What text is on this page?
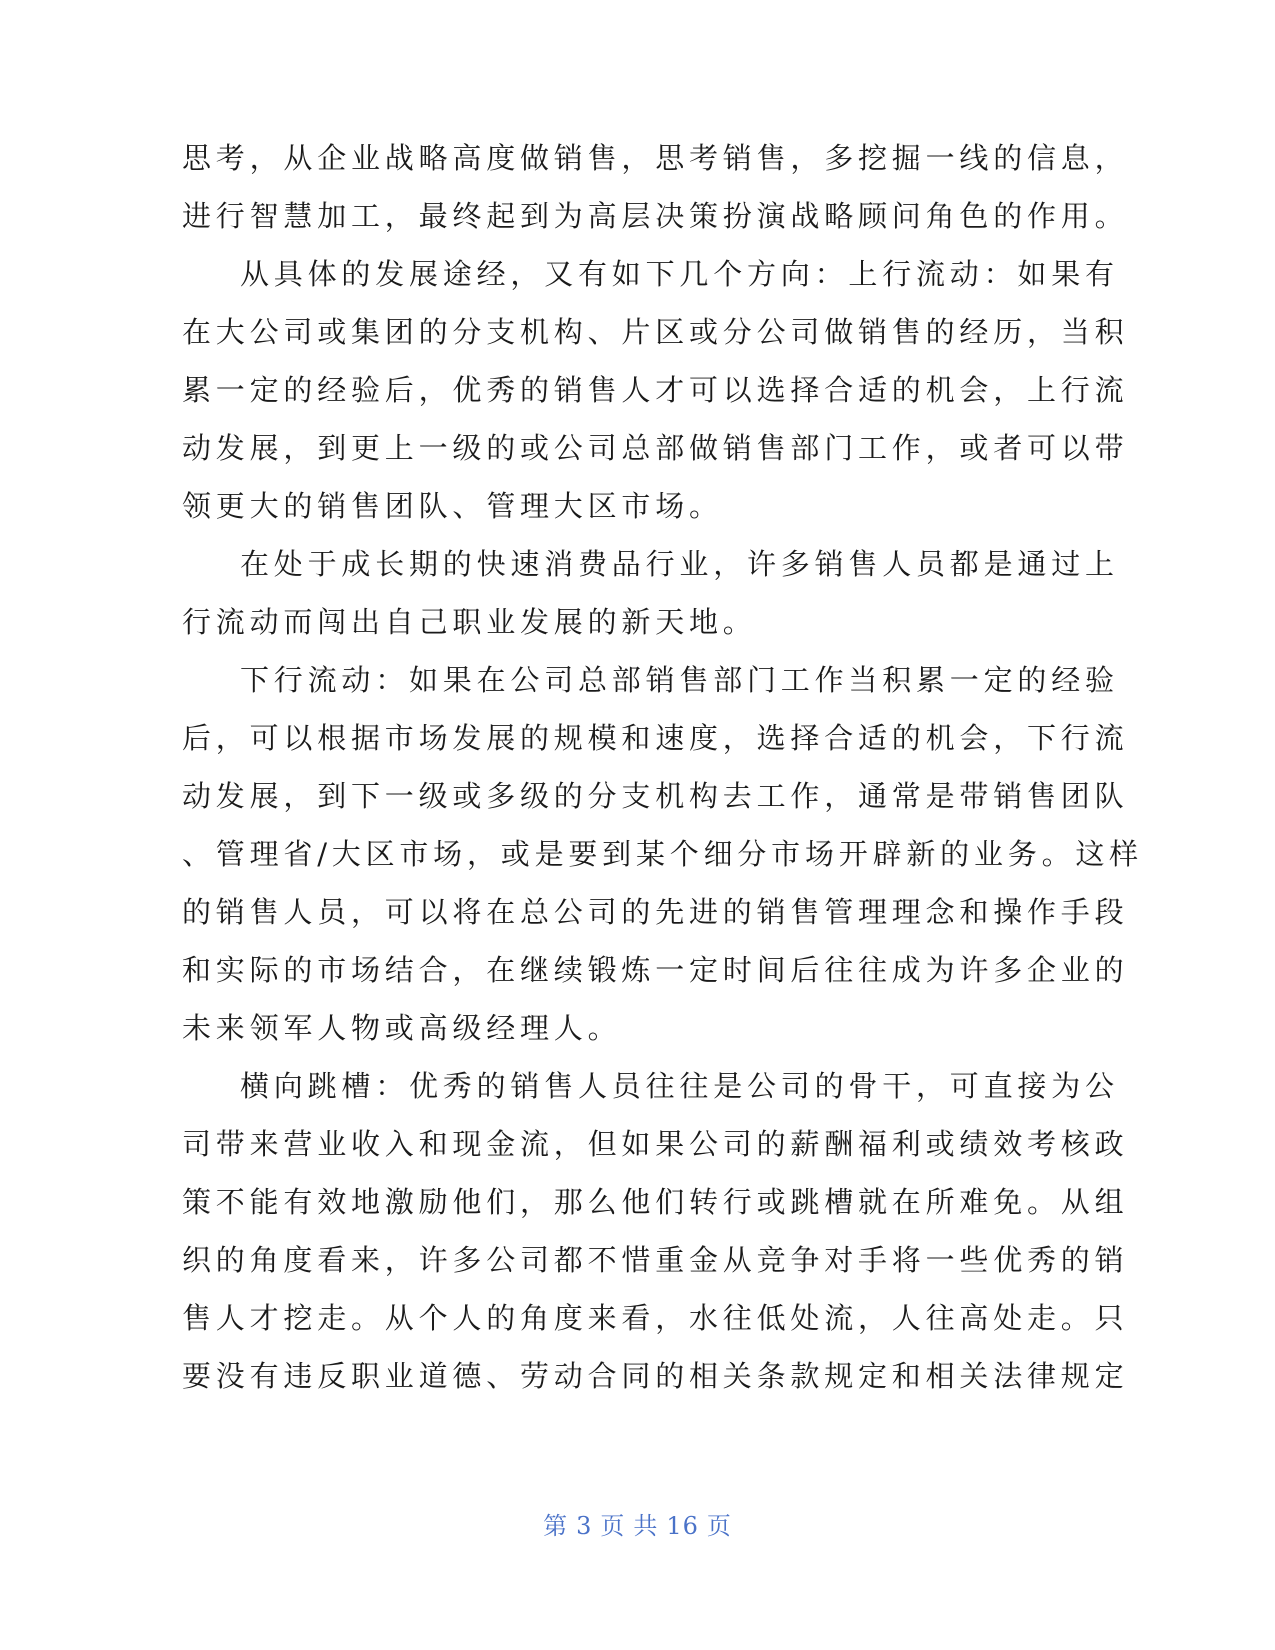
思考，从企业战略高度做销售，思考销售，多挖掘一线的信息，
进行智慧加工，最终起到为高层决策扮演战略顾问角色的作用。
从具体的发展途经，又有如下几个方向：上行流动：如果有
在大公司或集团的分支机构、片区或分公司做销售的经历，当积
累一定的经验后，优秀的销售人才可以选择合适的机会，上行流
动发展，到更上一级的或公司总部做销售部门工作，或者可以带
领更大的销售团队、管理大区市场。
在处于成长期的快速消费品行业，许多销售人员都是通过上
行流动而闯出自己职业发展的新天地。
下行流动：如果在公司总部销售部门工作当积累一定的经验
后，可以根据市场发展的规模和速度，选择合适的机会，下行流
动发展，到下一级或多级的分支机构去工作，通常是带销售团队
、管理省/大区市场，或是要到某个细分市场开辟新的业务。这样
的销售人员，可以将在总公司的先进的销售管理理念和操作手段
和实际的市场结合，在继续锻炼一定时间后往往成为许多企业的
未来领军人物或高级经理人。
横向跳槽：优秀的销售人员往往是公司的骨干，可直接为公
司带来营业收入和现金流，但如果公司的薪酬福利或绩效考核政
策不能有效地激励他们，那么他们转行或跳槽就在所难免。从组
织的角度看来，许多公司都不惜重金从竞争对手将一些优秀的销
售人才挖走。从个人的角度来看，水往低处流，人往高处走。只
要没有违反职业道德、劳动合同的相关条款规定和相关法律规定
第 3 页 共 16 页
